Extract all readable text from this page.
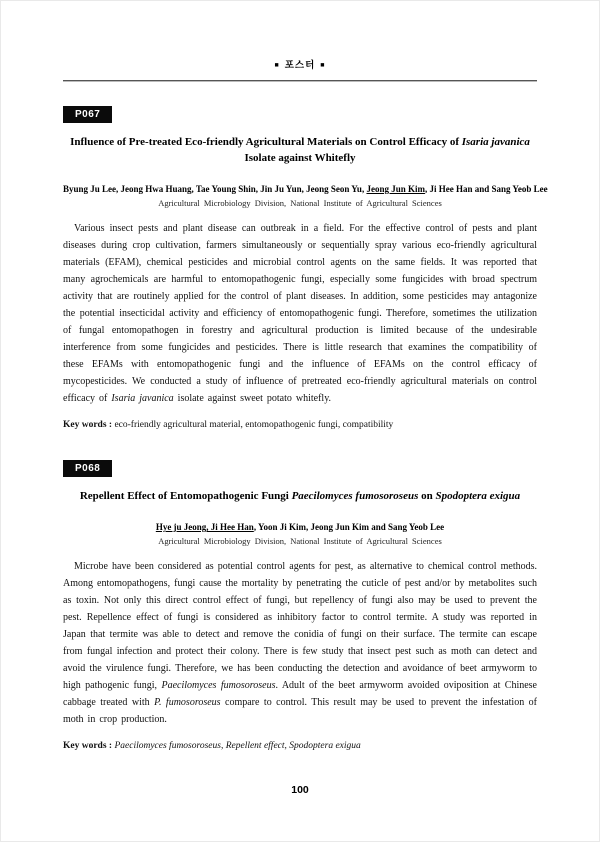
■ 포스터 ■
P067
Influence of Pre-treated Eco-friendly Agricultural Materials on Control Efficacy of Isaria javanica
Isolate against Whitefly

Byung Ju Lee, Jeong Hwa Huang, Tae Young Shin, Jin Ju Yun, Jeong Seon Yu, Jeong Jun Kim, Ji Hee Han and Sang Yeob Lee

Agricultural Microbiology Division, National Institute of Agricultural Sciences

Various insect pests and plant disease can outbreak in a field. For the effective control of pests and plant diseases during crop cultivation, farmers simultaneously or sequentially spray various eco-friendly agricultural materials (EFAM), chemical pesticides and microbial control agents on the same fields. It was reported that many agrochemicals are harmful to entomopathogenic fungi, especially some fungicides with broad spectrum activity that are routinely applied for the control of plant diseases. In addition, some pesticides may antagonize the potential insecticidal activity and efficiency of entomopathogenic fungi. Therefore, sometimes the utilization of fungal entomopathogen in forestry and agricultural production is limited because of the undesirable interference from some fungicides and pesticides. There is little research that examines the compatibility of these EFAMs with entomopathogenic fungi and the influence of EFAMs on the control efficacy of mycopesticides. We conducted a study of influence of pretreated eco-friendly agricultural materials on control efficacy of Isaria javanica isolate against sweet potato whitefly.

Key words : eco-friendly agricultural material, entomopathogenic fungi, compatibility

P068
Repellent Effect of Entomopathogenic Fungi Paecilomyces fumosoroseus on Spodoptera exigua

Hye ju Jeong, Ji Hee Han, Yoon Ji Kim, Jeong Jun Kim and Sang Yeob Lee

Agricultural Microbiology Division, National Institute of Agricultural Sciences

Microbe have been considered as potential control agents for pest, as alternative to chemical control methods. Among entomopathogens, fungi cause the mortality by penetrating the cuticle of pest and/or by metabolites such as toxin. Not only this direct control effect of fungi, but repellency of fungi also may be used to prevent the pest. Repellence effect of fungi is considered as inhibitory factor to control termite. A study was reported in Japan that termite was able to detect and remove the conidia of fungi on their surface. The termite can escape from fungal infection and protect their colony. There is few study that insect pest such as moth can detect and avoid the virulence fungi. Therefore, we has been conducting the detection and avoidance of beet armyworm to high pathogenic fungi, Paecilomyces fumosoroseus. Adult of the beet armyworm avoided oviposition at Chinese cabbage treated with P. fumosoroseus compare to control. This result may be used to prevent the infestation of moth in crop production.

Key words : Paecilomyces fumosoroseus, Repellent effect, Spodoptera exigua

100
